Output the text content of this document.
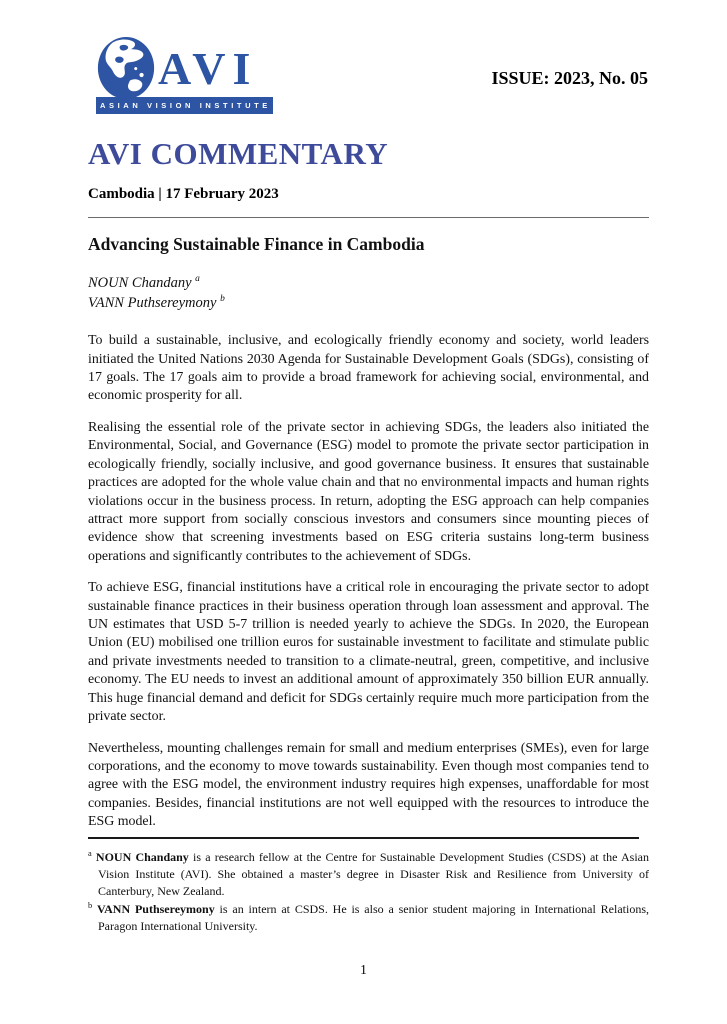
AVI
ASIAN VISION INSTITUTE
ISSUE: 2023, No. 05
AVI COMMENTARY

Cambodia | 17 February 2023

Advancing Sustainable Finance in Cambodia
NOUN Chandany $^a$
VANN Puthsereymony $^b$

To build a sustainable, inclusive, and ecologically friendly economy and society, world leaders initiated the United Nations 2030 Agenda for Sustainable Development Goals (SDGs), consisting of 17 goals. The 17 goals aim to provide a broad framework for achieving social, environmental, and economic prosperity for all.

Realising the essential role of the private sector in achieving SDGs, the leaders also initiated the Environmental, Social, and Governance (ESG) model to promote the private sector participation in ecologically friendly, socially inclusive, and good governance business. It ensures that sustainable practices are adopted for the whole value chain and that no environmental impacts and human rights violations occur in the business process. In return, adopting the ESG approach can help companies attract more support from socially conscious investors and consumers since mounting pieces of evidence show that screening investments based on ESG criteria sustains long-term business operations and significantly contributes to the achievement of SDGs.

To achieve ESG, financial institutions have a critical role in encouraging the private sector to adopt sustainable finance practices in their business operation through loan assessment and approval. The UN estimates that USD 5-7 trillion is needed yearly to achieve the SDGs. In 2020, the European Union (EU) mobilised one trillion euros for sustainable investment to facilitate and stimulate public and private investments needed to transition to a climate-neutral, green, competitive, and inclusive economy. The EU needs to invest an additional amount of approximately 350 billion EUR annually. This huge financial demand and deficit for SDGs certainly require much more participation from the private sector.

Nevertheless, mounting challenges remain for small and medium enterprises (SMEs), even for large corporations, and the economy to move towards sustainability. Even though most companies tend to agree with the ESG model, the environment industry requires high expenses, unaffordable for most companies. Besides, financial institutions are not well equipped with the resources to introduce the ESG model.

$^a$ NOUN Chandany is a research fellow at the Centre for Sustainable Development Studies (CSDS) at the Asian Vision Institute (AVI). She obtained a master’s degree in Disaster Risk and Resilience from University of Canterbury, New Zealand.
$^b$ VANN Puthsereymony is an intern at CSDS. He is also a senior student majoring in International Relations, Paragon International University.
1
